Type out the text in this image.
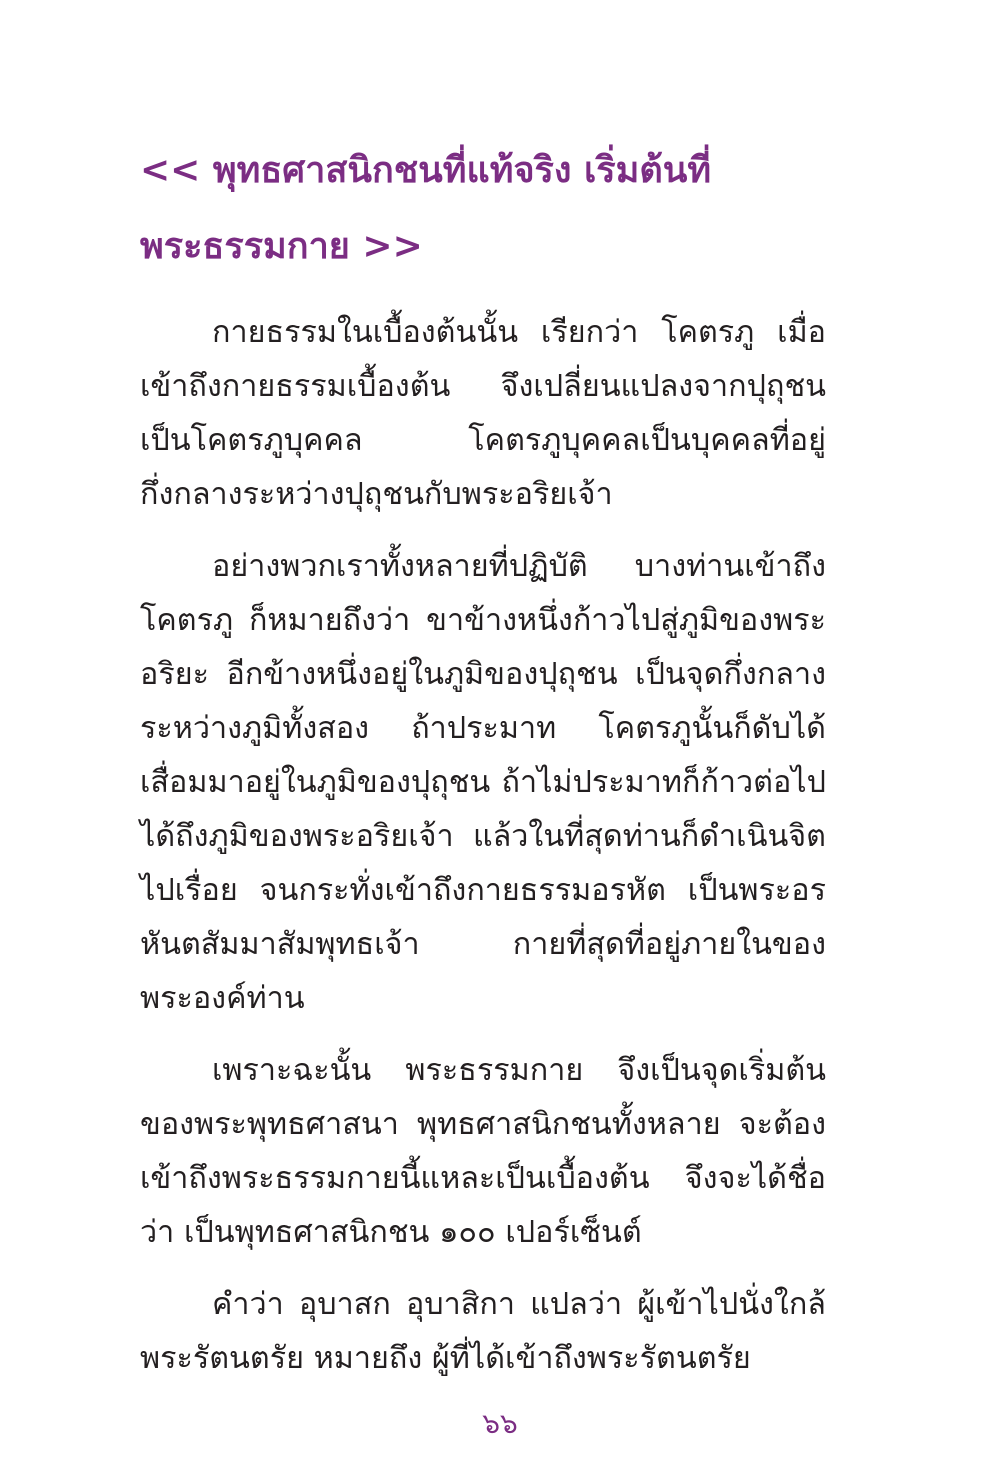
<< พุทธศาสนิกชนที่แท้จริง เริ่มต้นที่
พระธรรมกาย >>

กายธรรมในเบื้องต้นนั้น เรียกว่า โคตรภู เมื่อเข้าถึงกายธรรมเบื้องต้น จึงเปลี่ยนแปลงจากปุถุชนเป็นโคตรภูบุคคล โคตรภูบุคคลเป็นบุคคลที่อยู่กึ่งกลางระหว่างปุถุชนกับพระอริยเจ้า

อย่างพวกเราทั้งหลายที่ปฏิบัติ บางท่านเข้าถึงโคตรภู ก็หมายถึงว่า ขาข้างหนึ่งก้าวไปสู่ภูมิของพระอริยะ อีกข้างหนึ่งอยู่ในภูมิของปุถุชน เป็นจุดกึ่งกลางระหว่างภูมิทั้งสอง ถ้าประมาท โคตรภูนั้นก็ดับได้ เสื่อมมาอยู่ในภูมิของปุถุชน ถ้าไม่ประมาทก็ก้าวต่อไปได้ถึงภูมิของพระอริยเจ้า แล้วในที่สุดท่านก็ดำเนินจิตไปเรื่อย จนกระทั่งเข้าถึงกายธรรมอรหัต เป็นพระอรหันตสัมมาสัมพุทธเจ้า กายที่สุดที่อยู่ภายในของพระองค์ท่าน

เพราะฉะนั้น พระธรรมกาย จึงเป็นจุดเริ่มต้นของพระพุทธศาสนา พุทธศาสนิกชนทั้งหลาย จะต้องเข้าถึงพระธรรมกายนี้แหละเป็นเบื้องต้น จึงจะได้ชื่อว่า เป็นพุทธศาสนิกชน ๑๐๐ เปอร์เซ็นต์

คำว่า อุบาสก อุบาสิกา แปลว่า ผู้เข้าไปนั่งใกล้พระรัตนตรัย หมายถึง ผู้ที่ได้เข้าถึงพระรัตนตรัย

๖๖
